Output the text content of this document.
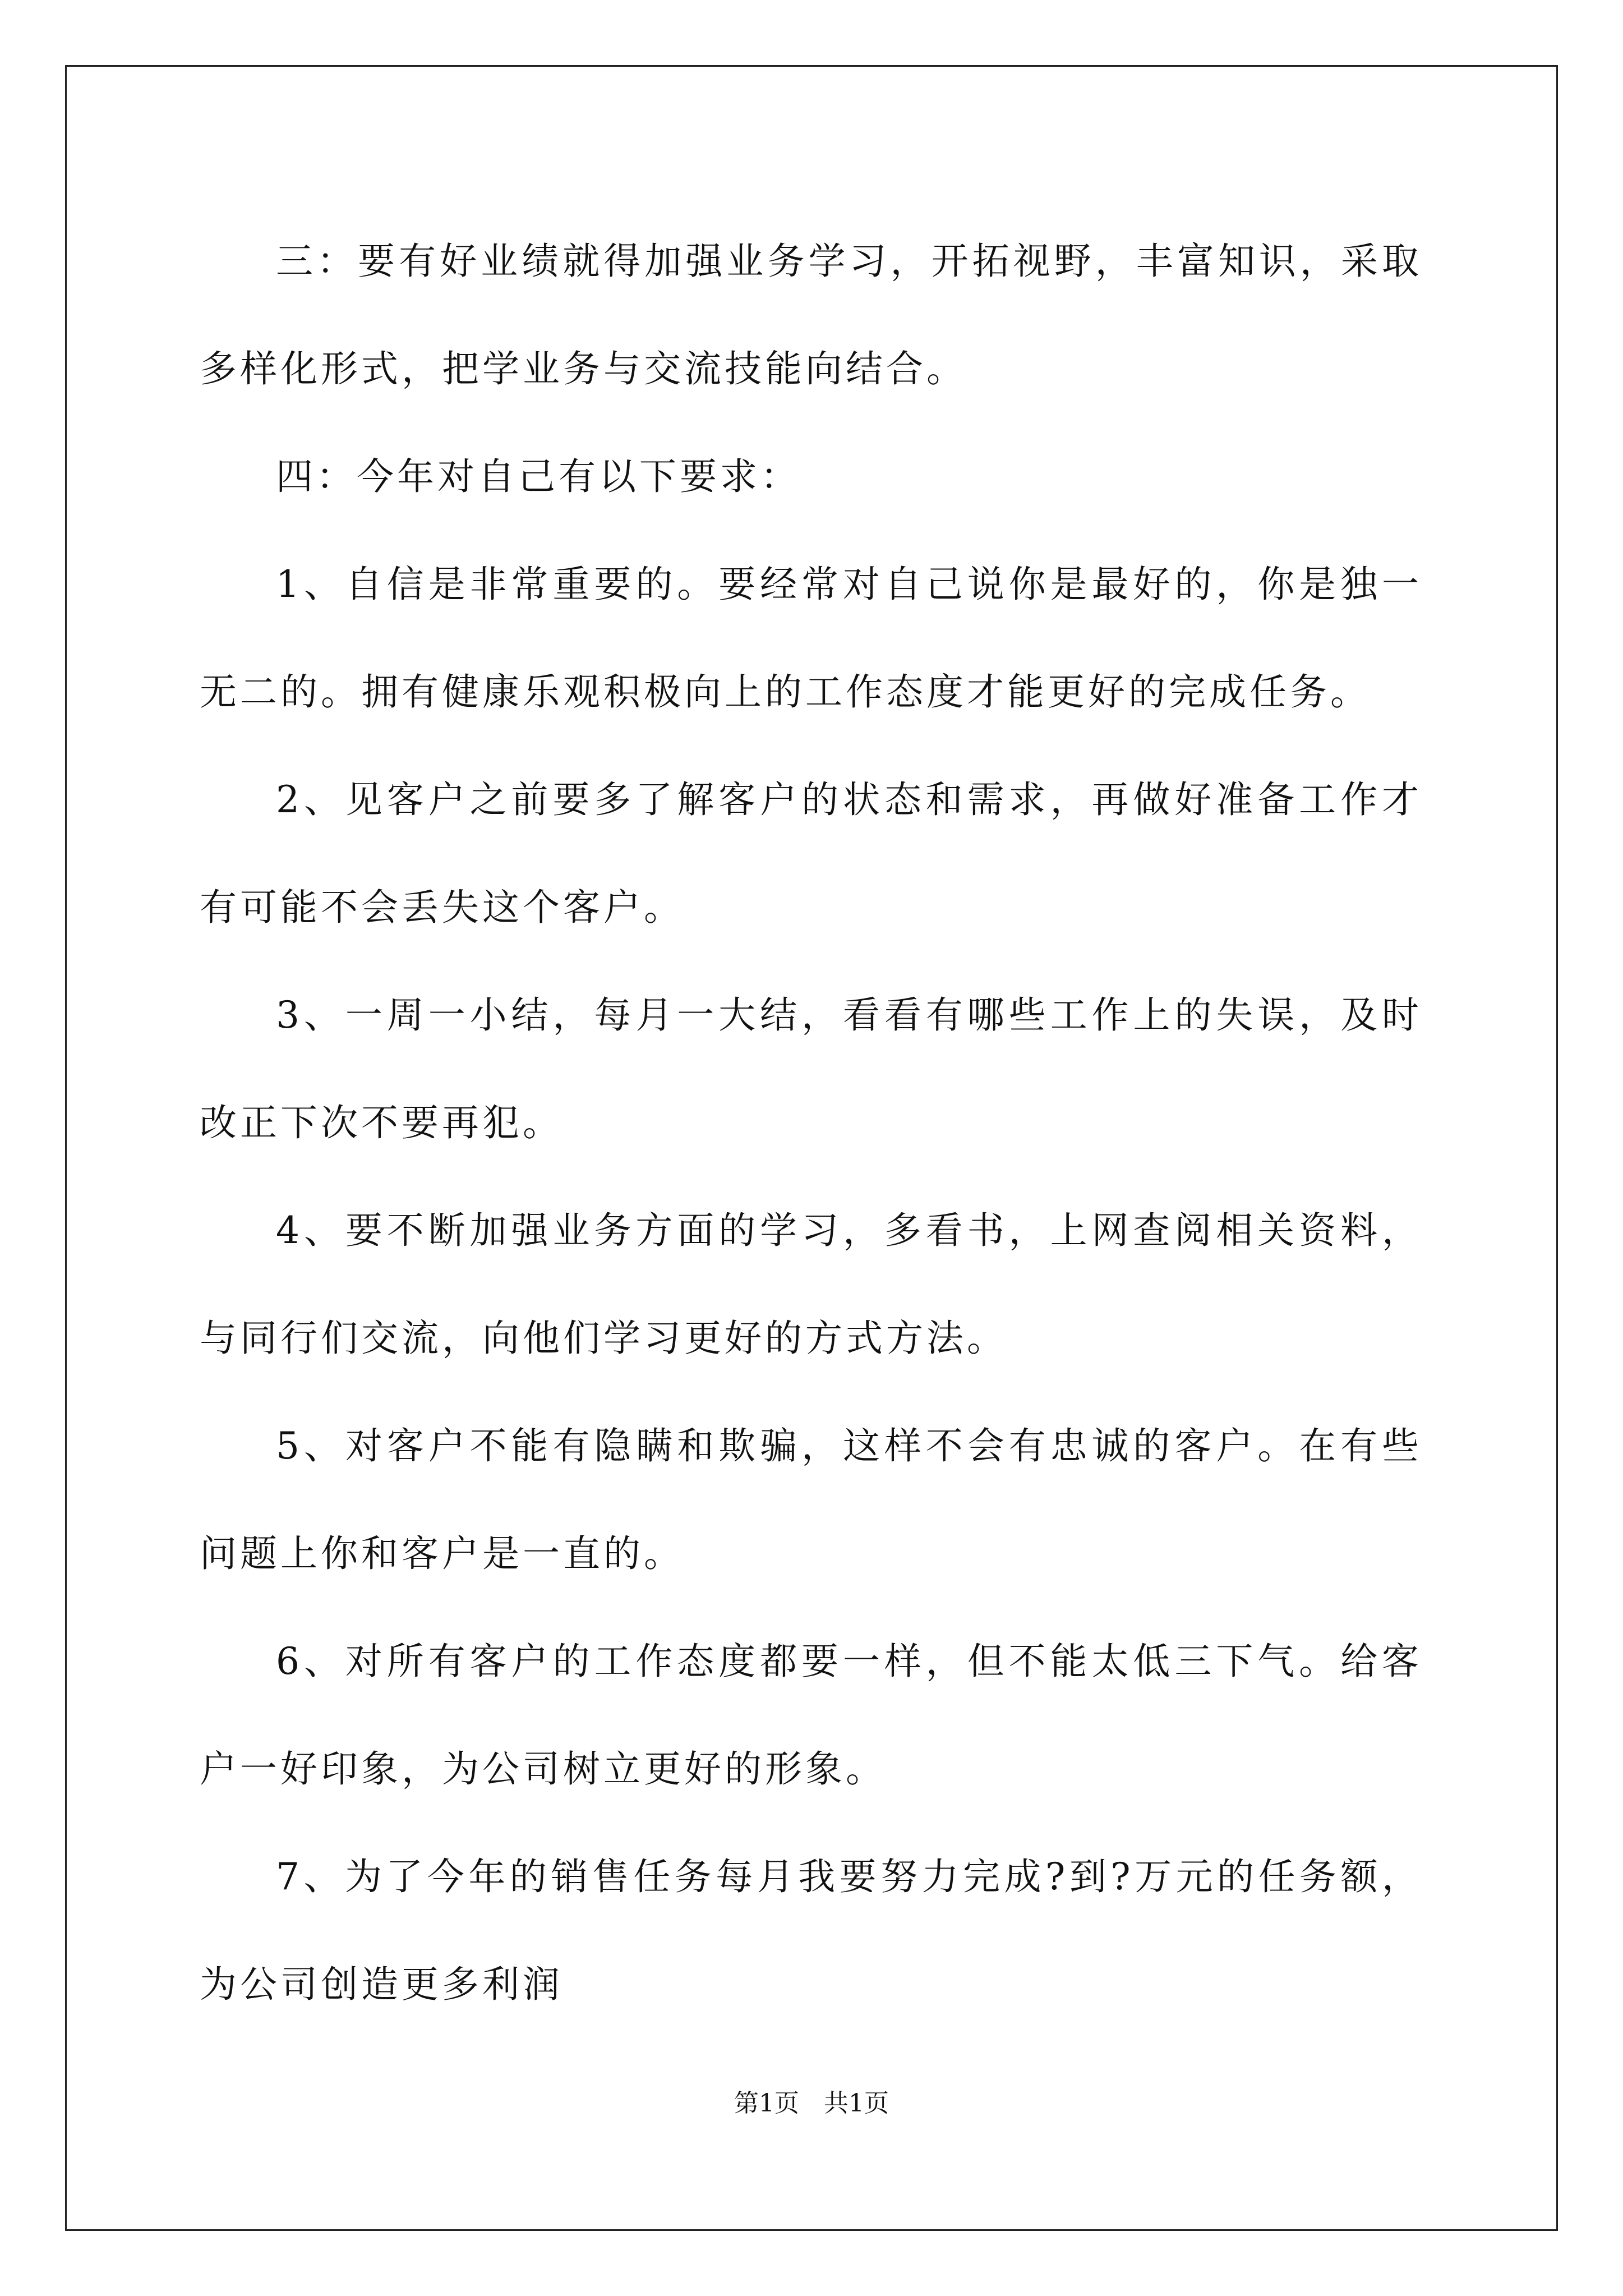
三：要有好业绩就得加强业务学习，开拓视野，丰富知识，采取多样化形式，把学业务与交流技能向结合。

四：今年对自己有以下要求：

1、自信是非常重要的。要经常对自己说你是最好的，你是独一无二的。拥有健康乐观积极向上的工作态度才能更好的完成任务。

2、见客户之前要多了解客户的状态和需求，再做好准备工作才有可能不会丢失这个客户。

3、一周一小结，每月一大结，看看有哪些工作上的失误，及时改正下次不要再犯。

4、要不断加强业务方面的学习，多看书，上网查阅相关资料，与同行们交流，向他们学习更好的方式方法。

5、对客户不能有隐瞒和欺骗，这样不会有忠诚的客户。在有些问题上你和客户是一直的。

6、对所有客户的工作态度都要一样，但不能太低三下气。给客户一好印象，为公司树立更好的形象。

7、为了今年的销售任务每月我要努力完成?到?万元的任务额，为公司创造更多利润

第1页　共1页
